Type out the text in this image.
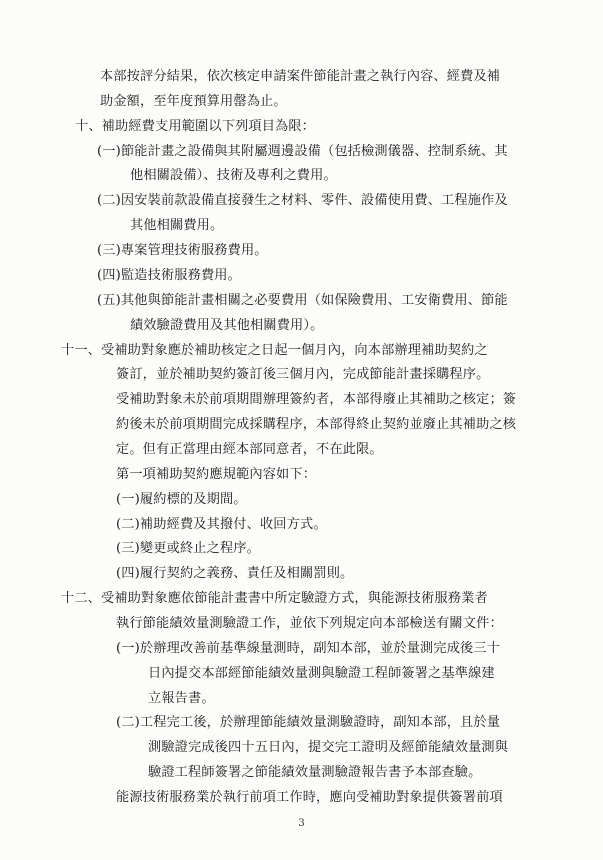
本部按評分結果，依次核定申請案件節能計畫之執行內容、經費及補
助金額，至年度預算用罄為止。
十、補助經費支用範圍以下列項目為限：
(一)節能計畫之設備與其附屬週邊設備（包括檢測儀器、控制系統、其
他相關設備）、技術及專利之費用。
(二)因安裝前款設備直接發生之材料、零件、設備使用費、工程施作及
其他相關費用。
(三)專案管理技術服務費用。
(四)監造技術服務費用。
(五)其他與節能計畫相關之必要費用（如保險費用、工安衛費用、節能
績效驗證費用及其他相關費用）。
十一、受補助對象應於補助核定之日起一個月內，向本部辦理補助契約之
簽訂，並於補助契約簽訂後三個月內，完成節能計畫採購程序。
受補助對象未於前項期間辦理簽約者，本部得廢止其補助之核定；簽
約後未於前項期間完成採購程序，本部得終止契約並廢止其補助之核
定。但有正當理由經本部同意者，不在此限。
第一項補助契約應規範內容如下：
(一)履約標的及期間。
(二)補助經費及其撥付、收回方式。
(三)變更或終止之程序。
(四)履行契約之義務、責任及相關罰則。
十二、受補助對象應依節能計畫書中所定驗證方式，與能源技術服務業者
執行節能績效量測驗證工作，並依下列規定向本部檢送有關文件：
(一)於辦理改善前基準線量測時，副知本部，並於量測完成後三十
日內提交本部經節能績效量測與驗證工程師簽署之基準線建
立報告書。
(二)工程完工後，於辦理節能績效量測驗證時，副知本部，且於量
測驗證完成後四十五日內，提交完工證明及經節能績效量測與
驗證工程師簽署之節能績效量測驗證報告書予本部查驗。
能源技術服務業於執行前項工作時，應向受補助對象提供簽署前項
3
